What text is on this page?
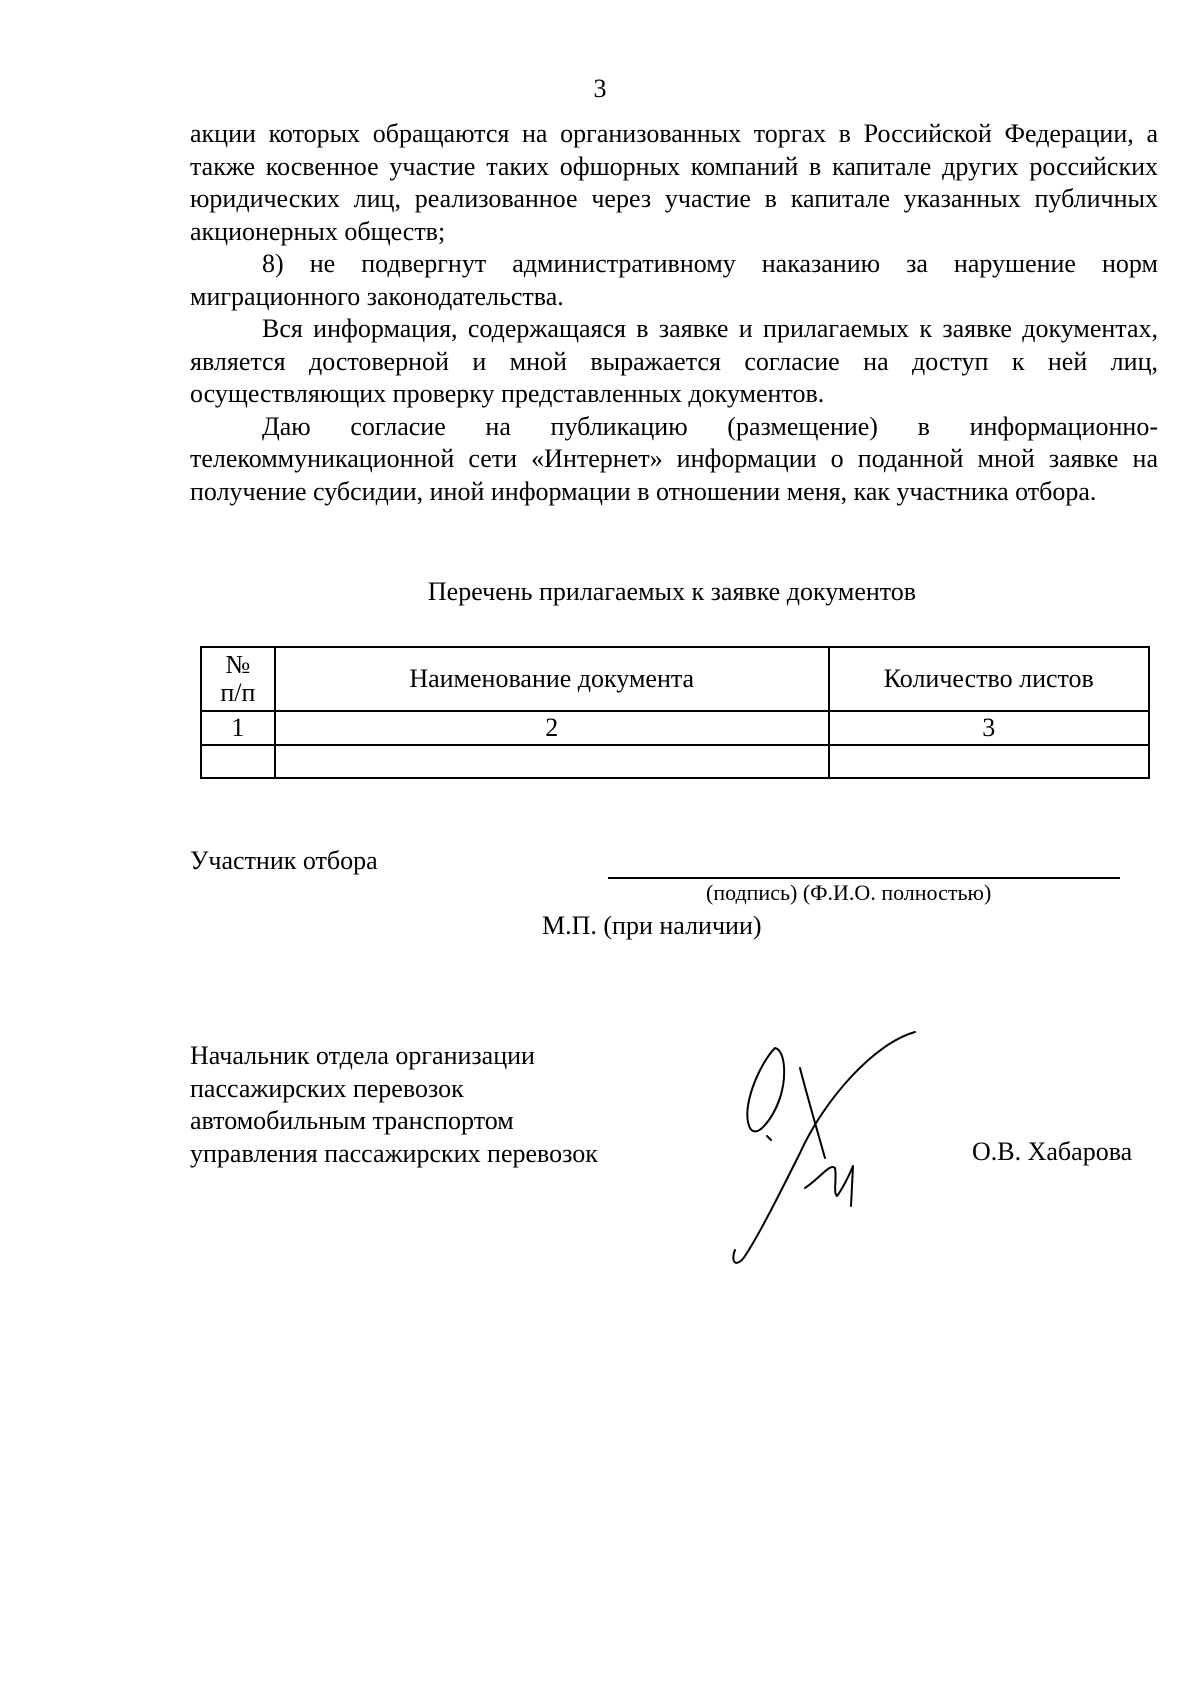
3

акции которых обращаются на организованных торгах в Российской Федерации, а также косвенное участие таких офшорных компаний в капитале других российских юридических лиц, реализованное через участие в капитале указанных публичных акционерных обществ;

8) не подвергнут административному наказанию за нарушение норм миграционного законодательства.

Вся информация, содержащаяся в заявке и прилагаемых к заявке документах, является достоверной и мной выражается согласие на доступ к ней лиц, осуществляющих проверку представленных документов.

Даю согласие на публикацию (размещение) в информационно-телекоммуникационной сети «Интернет» информации о поданной мной заявке на получение субсидии, иной информации в отношении меня, как участника отбора.

Перечень прилагаемых к заявке документов
№
п/п	Наименование документа	Количество листов
1	2	3

Участник отбора
(подпись) (Ф.И.О. полностью)
М.П. (при наличии)
Начальник отдела организации
пассажирских перевозок
автомобильным транспортом
управления пассажирских перевозок	О.В. Хабарова
